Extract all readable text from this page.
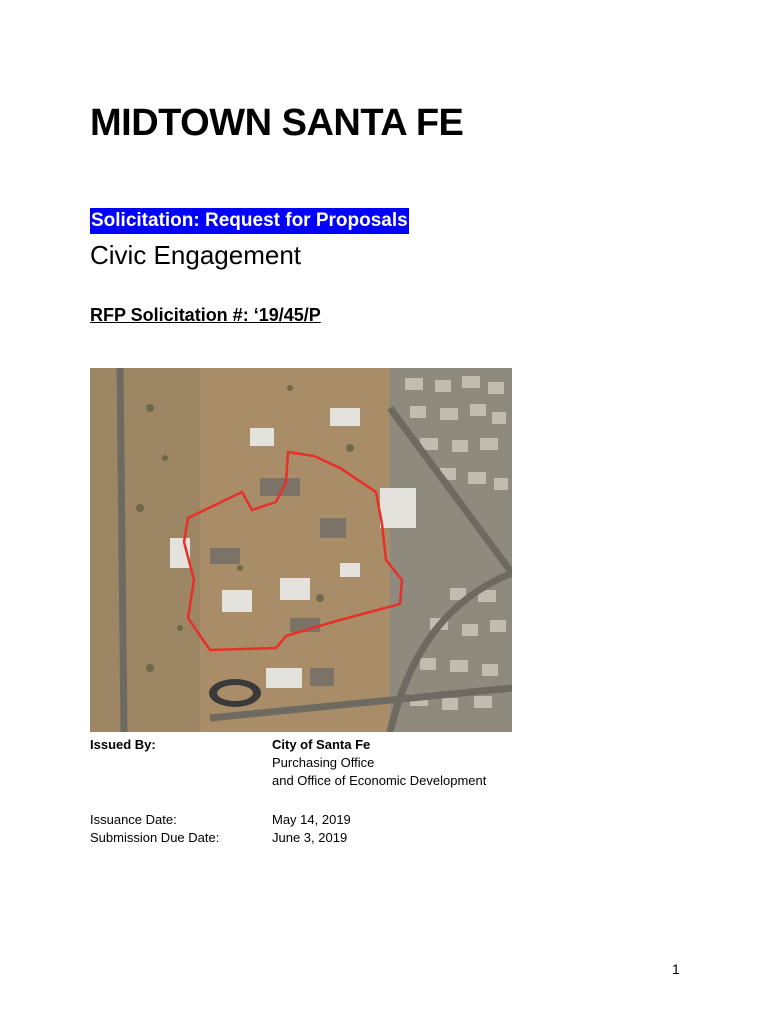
MIDTOWN SANTA FE
Solicitation: Request for Proposals
Civic Engagement
RFP Solicitation #: ‘19/45/P
Issued By:	City of Santa Fe
Purchasing Office
and Office of Economic Development
Issuance Date:	May 14, 2019
Submission Due Date:	June 3, 2019
1
